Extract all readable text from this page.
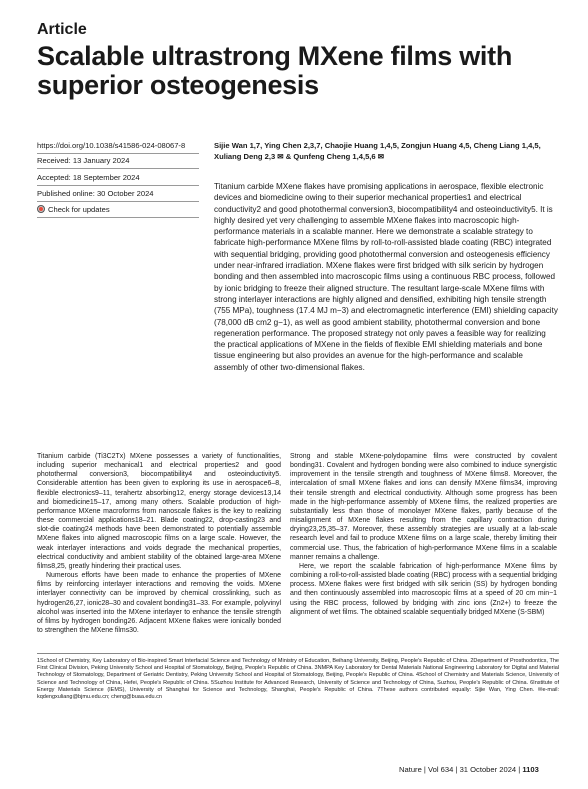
Article
Scalable ultrastrong MXene films with superior osteogenesis
https://doi.org/10.1038/s41586-024-08067-8
Received: 13 January 2024
Accepted: 18 September 2024
Published online: 30 October 2024
Check for updates
Sijie Wan 1,7, Ying Chen 2,3,7, Chaojie Huang 1,4,5, Zongjun Huang 4,5, Cheng Liang 1,4,5, Xuliang Deng 2,3 ✉ & Qunfeng Cheng 1,4,5,6 ✉
Titanium carbide MXene flakes have promising applications in aerospace, flexible electronic devices and biomedicine owing to their superior mechanical properties1 and electrical conductivity2 and good photothermal conversion3, biocompatibility4 and osteoinductivity5. It is highly desired yet very challenging to assemble MXene flakes into macroscopic high-performance materials in a scalable manner. Here we demonstrate a scalable strategy to fabricate high-performance MXene films by roll-to-roll-assisted blade coating (RBC) integrated with sequential bridging, providing good photothermal conversion and osteogenesis efficiency under near-infrared irradiation. MXene flakes were first bridged with silk sericin by hydrogen bonding and then assembled into macroscopic films using a continuous RBC process, followed by ionic bridging to freeze their aligned structure. The resultant large-scale MXene films with strong interlayer interactions are highly aligned and densified, exhibiting high tensile strength (755 MPa), toughness (17.4 MJ m−3) and electromagnetic interference (EMI) shielding capacity (78,000 dB cm2 g−1), as well as good ambient stability, photothermal conversion and bone regeneration performance. The proposed strategy not only paves a feasible way for realizing the practical applications of MXene in the fields of flexible EMI shielding materials and bone tissue engineering but also provides an avenue for the high-performance and scalable assembly of other two-dimensional flakes.

Titanium carbide (Ti3C2Tx) MXene possesses a variety of functionalities, including superior mechanical1 and electrical properties2 and good photothermal conversion3, biocompatibility4 and osteoinductivity5. Considerable attention has been given to exploring its use in aerospace6–8, flexible electronics9–11, terahertz absorbing12, energy storage devices13,14 and biomedicine15–17, among many others. Scalable production of high-performance MXene macroforms from nanoscale flakes is the key to realizing these commercial applications18–21. Blade coating22, drop-casting23 and slot-die coating24 methods have been demonstrated to potentially assemble MXene flakes into aligned macroscopic films on a large scale. However, the weak interlayer interactions and voids degrade the mechanical properties, electrical conductivity and ambient stability of the obtained large-area MXene films8,25, greatly hindering their practical uses.

Numerous efforts have been made to enhance the properties of MXene films by reinforcing interlayer interactions and removing the voids. MXene interlayer connectivity can be improved by chemical crosslinking, such as hydrogen26,27, ionic28–30 and covalent bonding31–33. For example, polyvinyl alcohol was inserted into the MXene interlayer to enhance the tensile strength of films by hydrogen bonding26. Adjacent MXene flakes were ionically bonded to strengthen the MXene films30.

Strong and stable MXene-polydopamine films were constructed by covalent bonding31. Covalent and hydrogen bonding were also combined to induce synergistic improvement in the tensile strength and toughness of MXene films8. Moreover, the intercalation of small MXene flakes and ions can densify MXene films34, improving their tensile strength and electrical conductivity. Although some progress has been made in the high-performance assembly of MXene films, the realized properties are substantially less than those of monolayer MXene flakes, partly because of the misalignment of MXene flakes resulting from the capillary contraction during drying23,25,35–37. Moreover, these assembly strategies are usually at a lab-scale research level and fail to produce MXene films on a large scale, thereby limiting their commercial use. Thus, the fabrication of high-performance MXene films in a scalable manner remains a challenge.

Here, we report the scalable fabrication of high-performance MXene films by combining a roll-to-roll-assisted blade coating (RBC) process with a sequential bridging process. MXene flakes were first bridged with silk sericin (SS) by hydrogen bonding and then continuously assembled into macroscopic films at a speed of 20 cm min−1 using the RBC process, followed by bridging with zinc ions (Zn2+) to freeze the alignment of wet films. The obtained scalable sequentially bridged MXene (S-SBM)

1School of Chemistry, Key Laboratory of Bio-inspired Smart Interfacial Science and Technology of Ministry of Education, Beihang University, Beijing, People's Republic of China. 2Department of Prosthodontics, The First Clinical Division, Peking University School and Hospital of Stomatology, Beijing, People's Republic of China. 3NMPA Key Laboratory for Dental Materials National Engineering Laboratory for Digital and Material Technology of Stomatology, Department of Geriatric Dentistry, Peking University School and Hospital of Stomatology, Beijing, People's Republic of China. 4School of Chemistry and Materials Science, University of Science and Technology of China, Hefei, People's Republic of China. 5Suzhou Institute for Advanced Research, University of Science and Technology of China, Suzhou, People's Republic of China. 6Institute of Energy Materials Science (IEMS), University of Shanghai for Science and Technology, Shanghai, People's Republic of China. 7These authors contributed equally: Sijie Wan, Ying Chen. ✉e-mail: kqdengxuliang@bjmu.edu.cn; cheng@buaa.edu.cn
Nature | Vol 634 | 31 October 2024 | 1103
